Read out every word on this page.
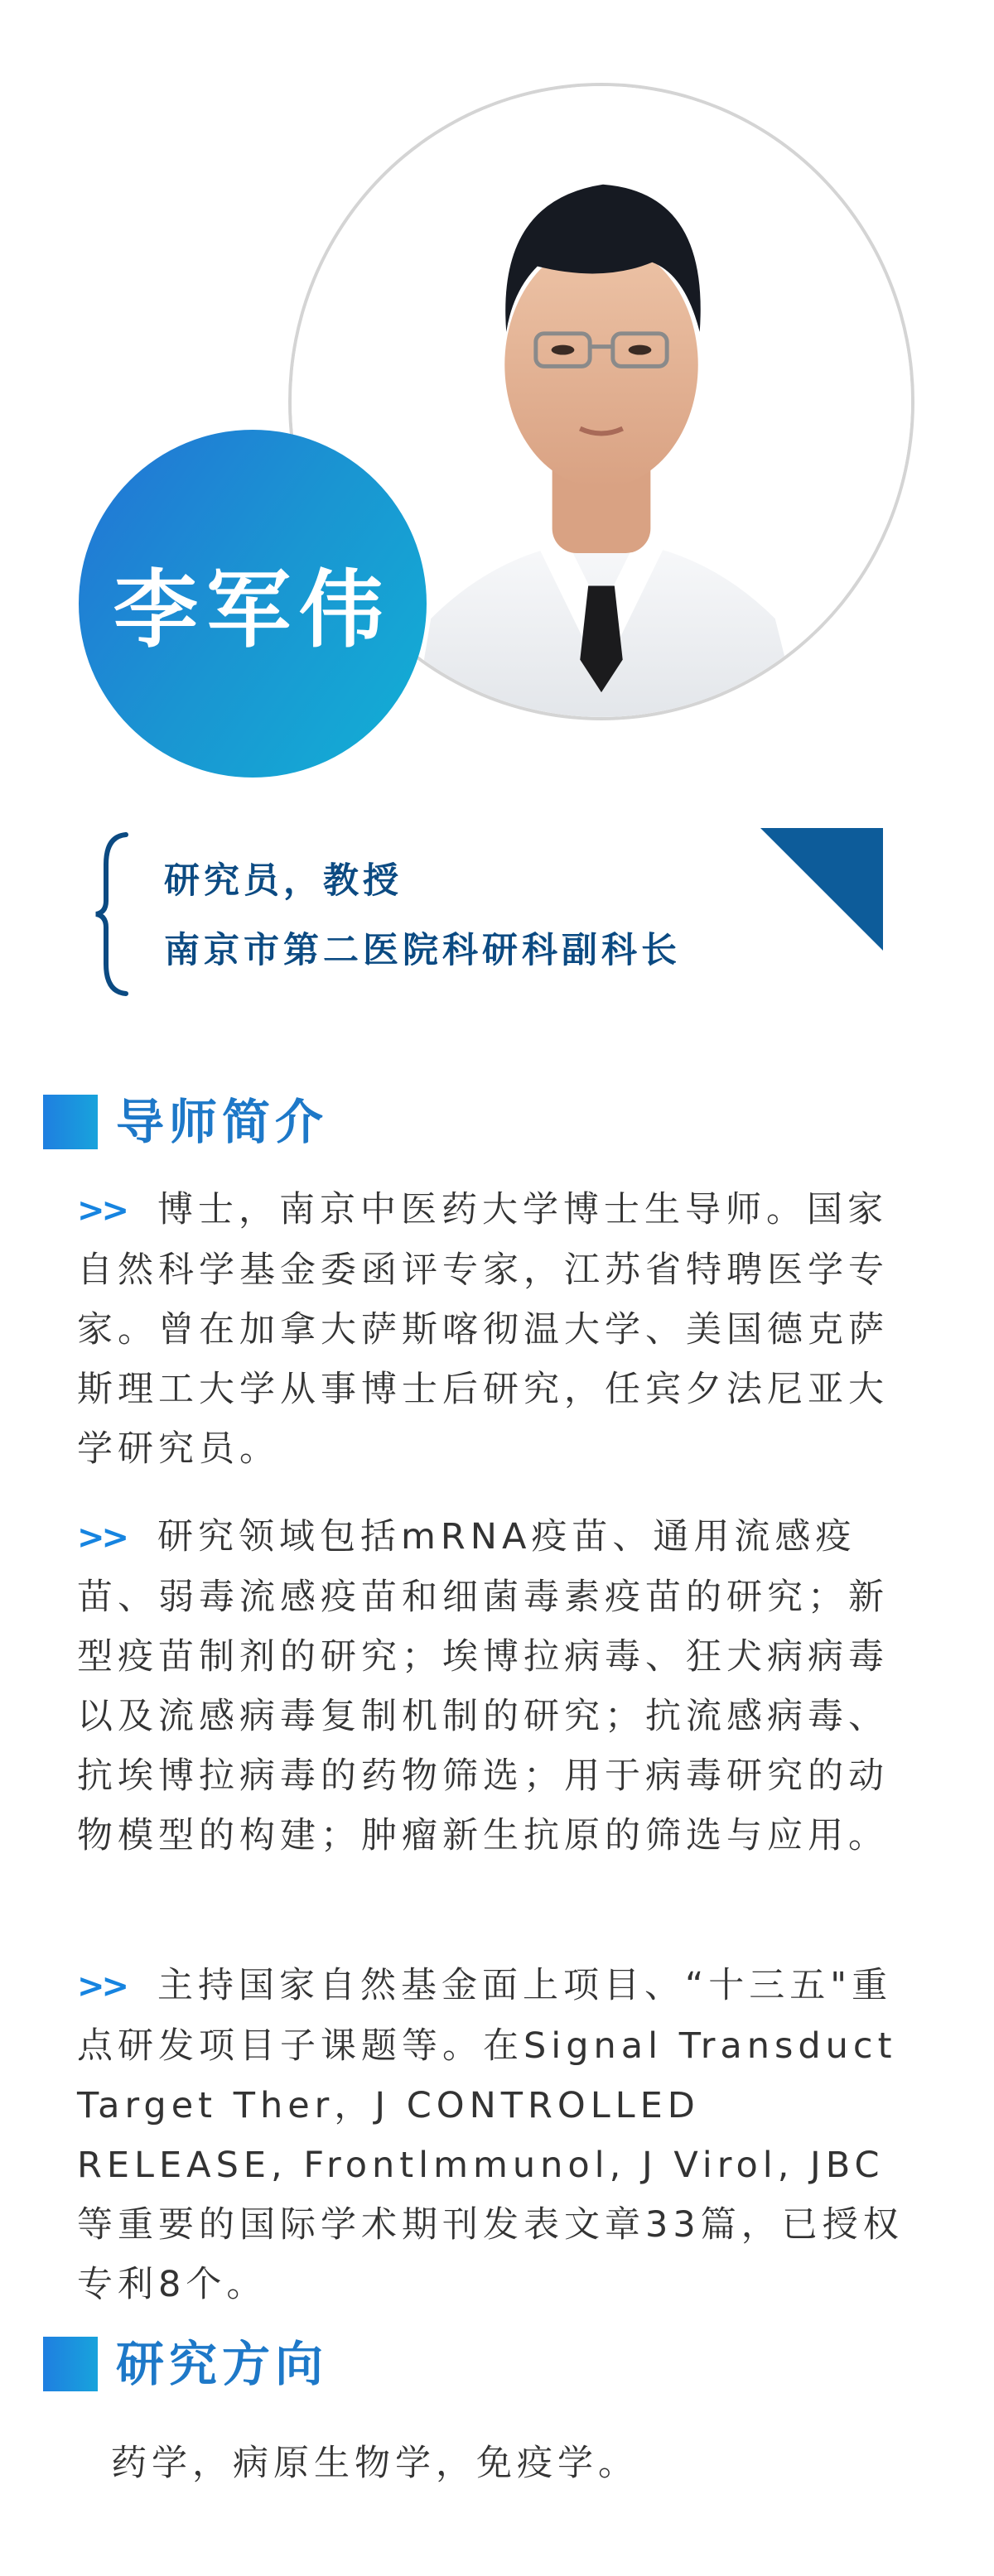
李军伟
研究员，教授
南京市第二医院科研科副科长
导师简介
>> 博士，南京中医药大学博士生导师。国家自然科学基金委函评专家，江苏省特聘医学专家。曾在加拿大萨斯喀彻温大学、美国德克萨斯理工大学从事博士后研究，任宾夕法尼亚大学研究员。
>> 研究领域包括mRNA疫苗、通用流感疫苗、弱毒流感疫苗和细菌毒素疫苗的研究；新型疫苗制剂的研究；埃博拉病毒、狂犬病病毒以及流感病毒复制机制的研究；抗流感病毒、抗埃博拉病毒的药物筛选；用于病毒研究的动物模型的构建；肿瘤新生抗原的筛选与应用。
>> 主持国家自然基金面上项目、“十三五"重点研发项目子课题等。在Signal Transduct Target Ther，J CONTROLLED RELEASE, Frontlmmunol, J Virol, JBC等重要的国际学术期刊发表文章33篇，已授权专利8个。
研究方向
药学，病原生物学，免疫学。
